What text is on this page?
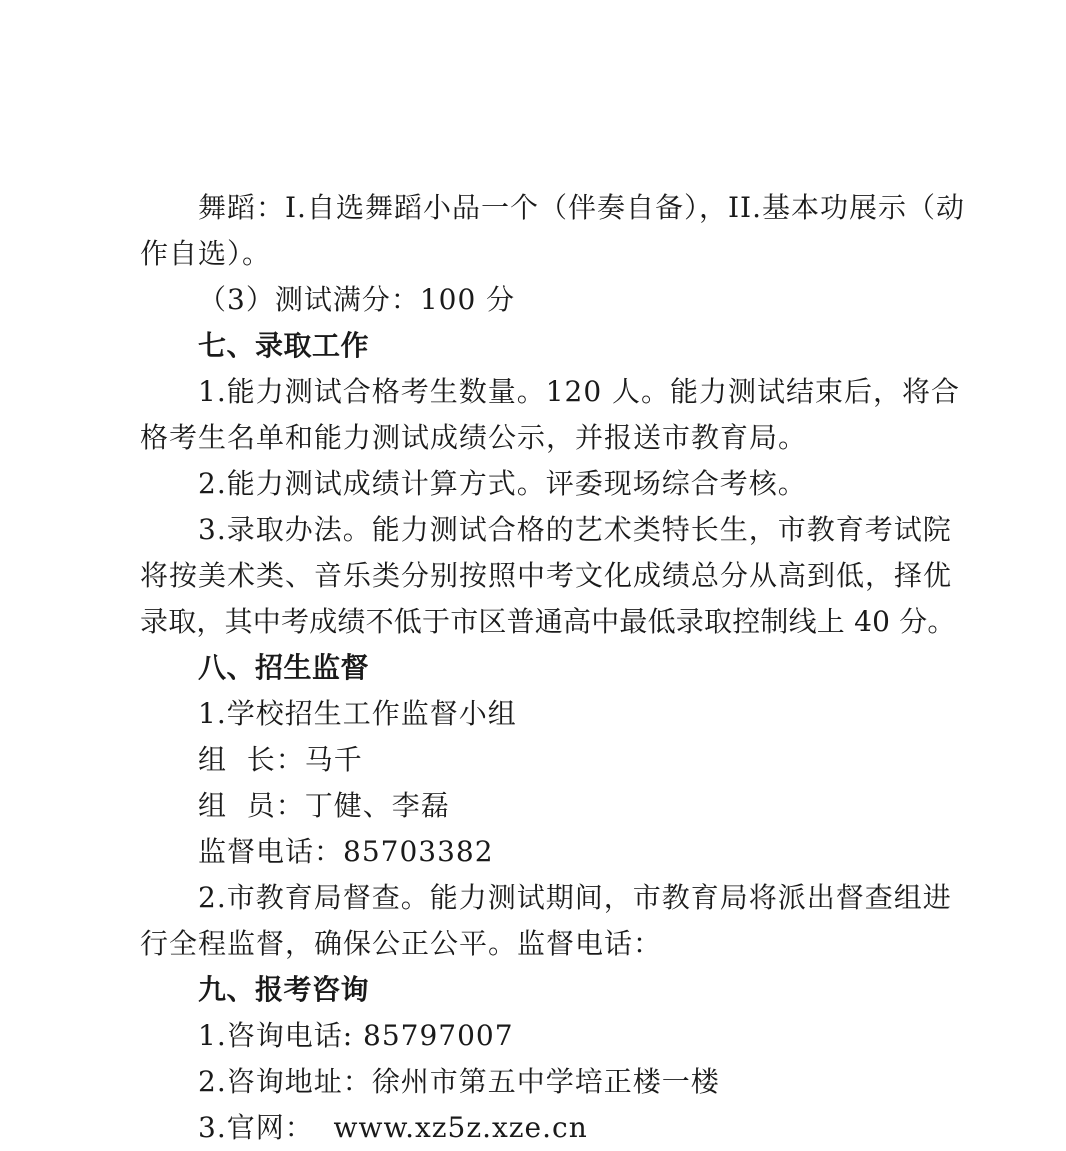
舞蹈：I.自选舞蹈小品一个（伴奏自备），II.基本功展示（动
作自选）。
（3）测试满分：100 分
七、录取工作
1.能力测试合格考生数量。120 人。能力测试结束后，将合
格考生名单和能力测试成绩公示，并报送市教育局。
2.能力测试成绩计算方式。评委现场综合考核。
3.录取办法。能力测试合格的艺术类特长生，市教育考试院
将按美术类、音乐类分别按照中考文化成绩总分从高到低，择优
录取，其中考成绩不低于市区普通高中最低录取控制线上 40 分。
八、招生监督
1.学校招生工作监督小组
组  长：马千
组  员：丁健、李磊
监督电话：85703382
2.市教育局督查。能力测试期间，市教育局将派出督查组进
行全程监督，确保公正公平。监督电话：
九、报考咨询
1.咨询电话: 85797007
2.咨询地址：徐州市第五中学培正楼一楼
3.官网：  www.xz5z.xze.cn
